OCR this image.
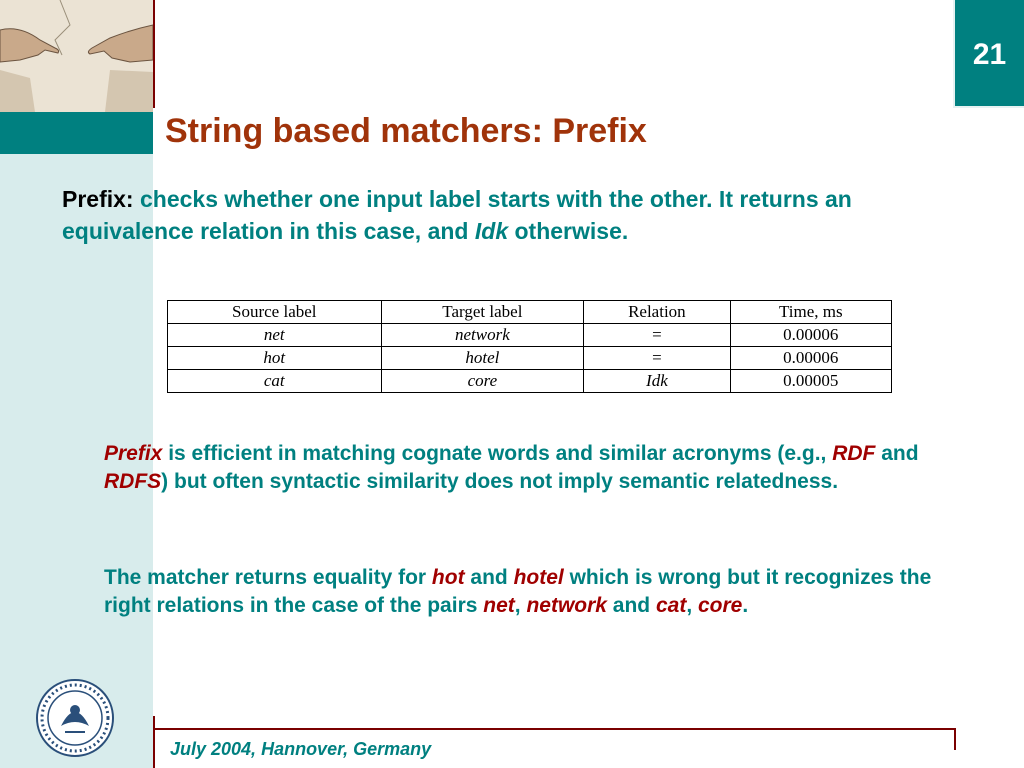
21
String based matchers: Prefix
Prefix: checks whether one input label starts with the other. It returns an equivalence relation in this case, and Idk otherwise.
Source label	Target label	Relation	Time, ms
net	network	=	0.00006
hot	hotel	=	0.00006
cat	core	Idk	0.00005
Prefix is efficient in matching cognate words and similar acronyms (e.g., RDF and RDFS) but often syntactic similarity does not imply semantic relatedness.
The matcher returns equality for hot and hotel which is wrong but it recognizes the right relations in the case of the pairs net, network and cat, core.
July 2004, Hannover, Germany
